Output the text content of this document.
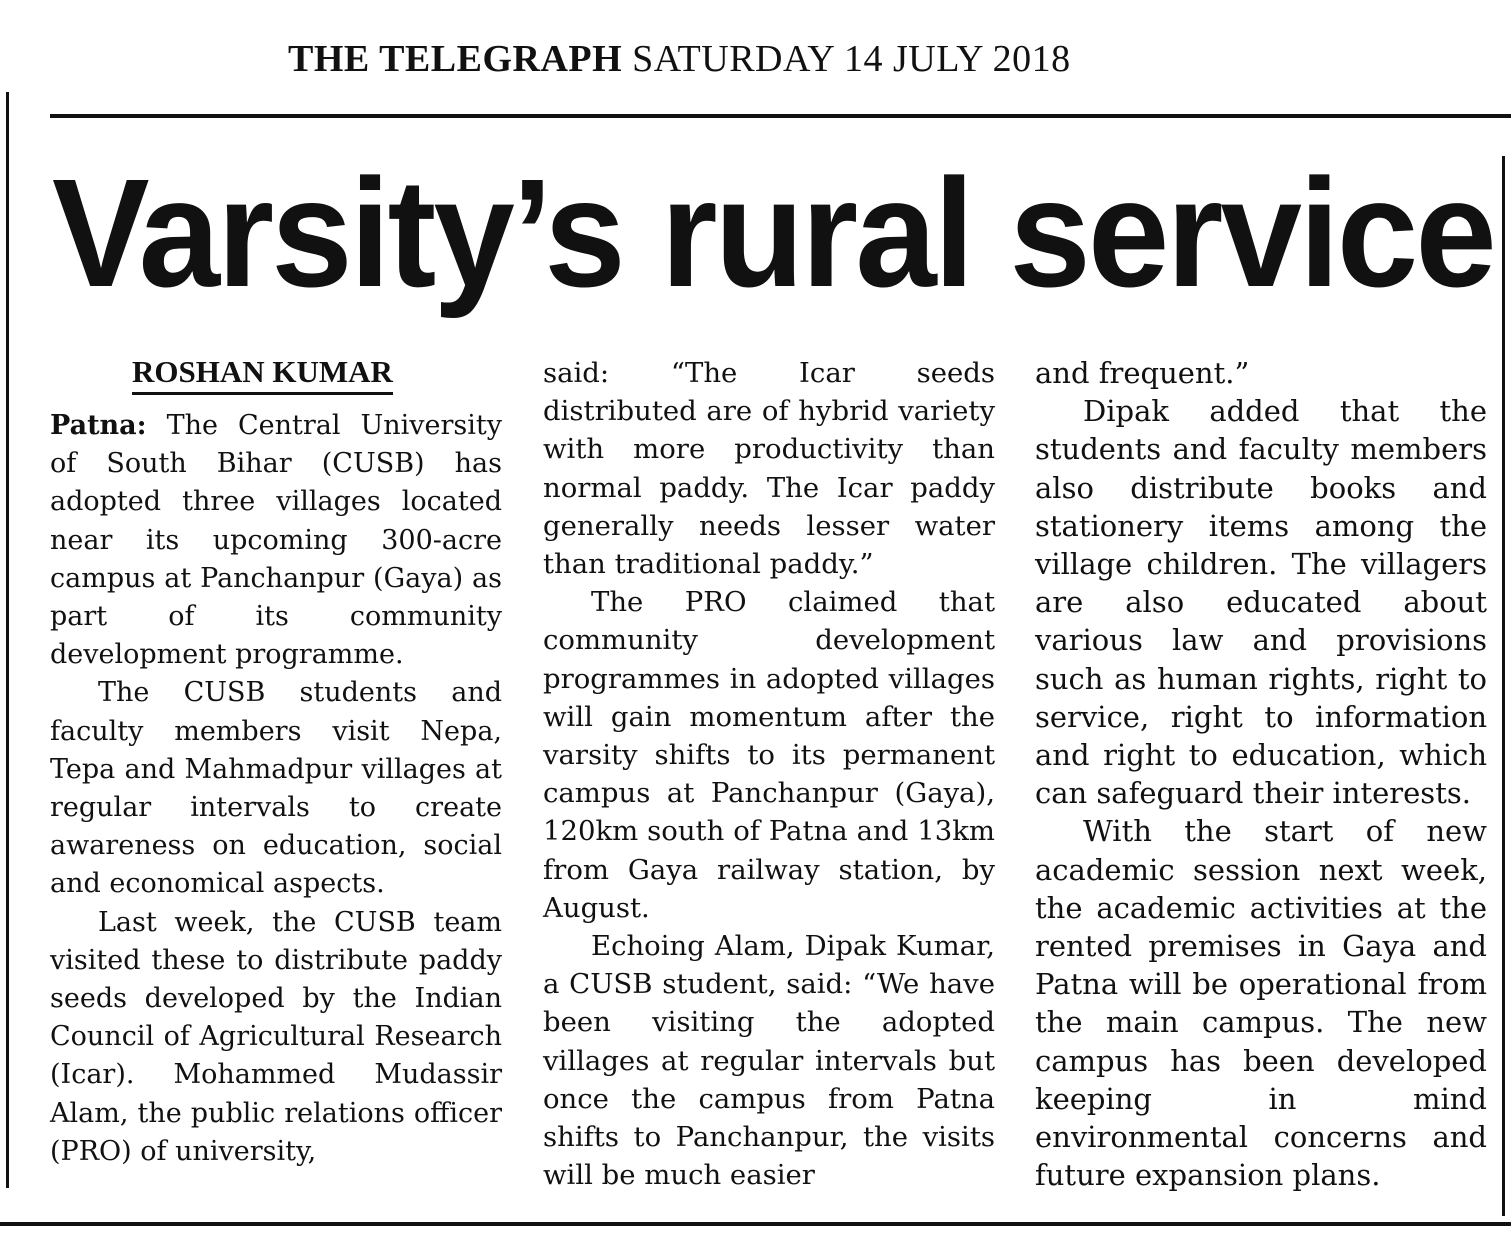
THE TELEGRAPH SATURDAY 14 JULY 2018
Varsity’s rural service
ROSHAN KUMAR

Patna: The Central University of South Bihar (CUSB) has adopted three villages located near its upcoming 300-acre campus at Panchanpur (Gaya) as part of its community development programme.

The CUSB students and faculty members visit Nepa, Tepa and Mahmadpur villages at regular intervals to create awareness on education, social and economical aspects.

Last week, the CUSB team visited these to distribute paddy seeds developed by the Indian Council of Agricultural Research (Icar). Mohammed Mudassir Alam, the public relations officer (PRO) of university,

said: “The Icar seeds distributed are of hybrid variety with more productivity than normal paddy. The Icar paddy generally needs lesser water than traditional paddy.”

The PRO claimed that community development programmes in adopted villages will gain momentum after the varsity shifts to its permanent campus at Panchanpur (Gaya), 120km south of Patna and 13km from Gaya railway station, by August.

Echoing Alam, Dipak Kumar, a CUSB student, said: “We have been visiting the adopted villages at regular intervals but once the campus from Patna shifts to Panchanpur, the visits will be much easier

and frequent.”

Dipak added that the students and faculty members also distribute books and stationery items among the village children. The villagers are also educated about various law and provisions such as human rights, right to service, right to information and right to education, which can safeguard their interests.

With the start of new academic session next week, the academic activities at the rented premises in Gaya and Patna will be operational from the main campus. The new campus has been developed keeping in mind environmental concerns and future expansion plans.
